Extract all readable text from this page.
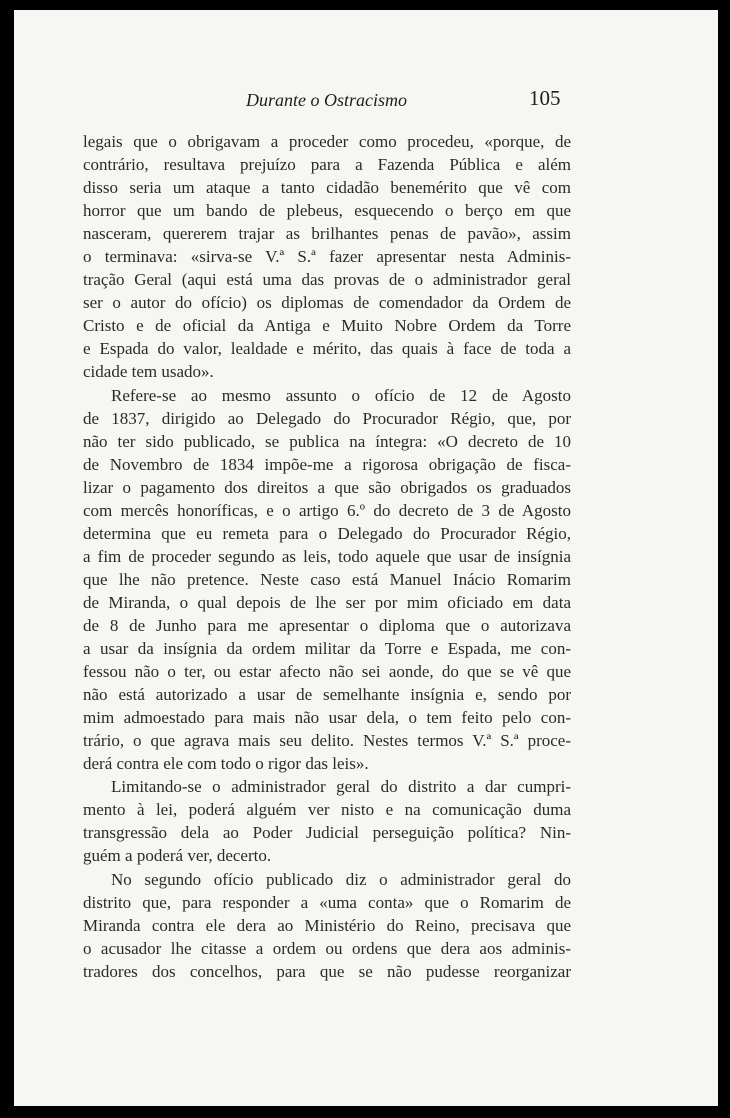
Durante o Ostracismo	105
legais que o obrigavam a proceder como procedeu, «porque, de
contrário, resultava prejuízo para a Fazenda Pública e além
disso seria um ataque a tanto cidadão benemérito que vê com
horror que um bando de plebeus, esquecendo o berço em que
nasceram, quererem trajar as brilhantes penas de pavão», assim
o terminava: «sirva-se V.ª S.ª fazer apresentar nesta Adminis-
tração Geral (aqui está uma das provas de o administrador geral
ser o autor do ofício) os diplomas de comendador da Ordem de
Cristo e de oficial da Antiga e Muito Nobre Ordem da Torre
e Espada do valor, lealdade e mérito, das quais à face de toda a
cidade tem usado».
Refere-se ao mesmo assunto o ofício de 12 de Agosto
de 1837, dirigido ao Delegado do Procurador Régio, que, por
não ter sido publicado, se publica na íntegra: «O decreto de 10
de Novembro de 1834 impõe-me a rigorosa obrigação de fisca-
lizar o pagamento dos direitos a que são obrigados os graduados
com mercês honoríficas, e o artigo 6.º do decreto de 3 de Agosto
determina que eu remeta para o Delegado do Procurador Régio,
a fim de proceder segundo as leis, todo aquele que usar de insígnia
que lhe não pretence. Neste caso está Manuel Inácio Romarim
de Miranda, o qual depois de lhe ser por mim oficiado em data
de 8 de Junho para me apresentar o diploma que o autorizava
a usar da insígnia da ordem militar da Torre e Espada, me con-
fessou não o ter, ou estar afecto não sei aonde, do que se vê que
não está autorizado a usar de semelhante insígnia e, sendo por
mim admoestado para mais não usar dela, o tem feito pelo con-
trário, o que agrava mais seu delito. Nestes termos V.ª S.ª proce-
derá contra ele com todo o rigor das leis».
Limitando-se o administrador geral do distrito a dar cumpri-
mento à lei, poderá alguém ver nisto e na comunicação duma
transgressão dela ao Poder Judicial perseguição política? Nin-
guém a poderá ver, decerto.
No segundo ofício publicado diz o administrador geral do
distrito que, para responder a «uma conta» que o Romarim de
Miranda contra ele dera ao Ministério do Reino, precisava que
o acusador lhe citasse a ordem ou ordens que dera aos adminis-
tradores dos concelhos, para que se não pudesse reorganizar
